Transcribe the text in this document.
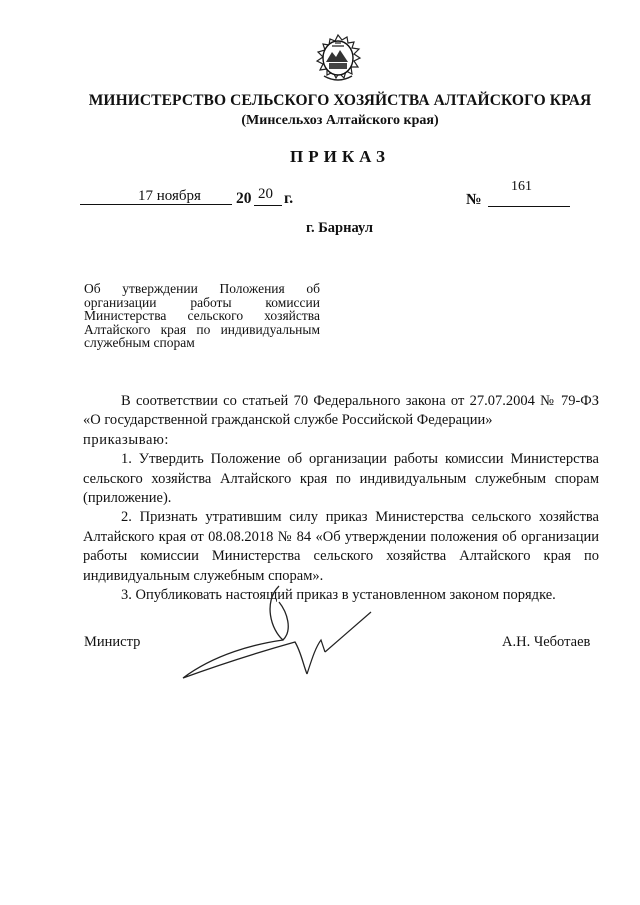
МИНИСТЕРСТВО СЕЛЬСКОГО ХОЗЯЙСТВА АЛТАЙСКОГО КРАЯ
(Минсельхоз Алтайского края)
ПРИКАЗ
17 ноября 20 20 г.	№
161
г. Барнаул
Об утверждении Положения об организации работы комиссии Министерства сельского хозяйства Алтайского края по индивидуальным служебным спорам

В соответствии со статьей 70 Федерального закона от 27.07.2004 № 79-ФЗ «О государственной гражданской службе Российской Федерации»

приказываю:

1. Утвердить Положение об организации работы комиссии Министерства сельского хозяйства Алтайского края по индивидуальным служебным спорам (приложение).

2. Признать утратившим силу приказ Министерства сельского хозяйства Алтайского края от 08.08.2018 № 84 «Об утверждении положения об организации работы комиссии Министерства сельского хозяйства Алтайского края по индивидуальным служебным спорам».

3. Опубликовать настоящий приказ в установленном законом порядке.

Министр	А.Н. Чеботаев
